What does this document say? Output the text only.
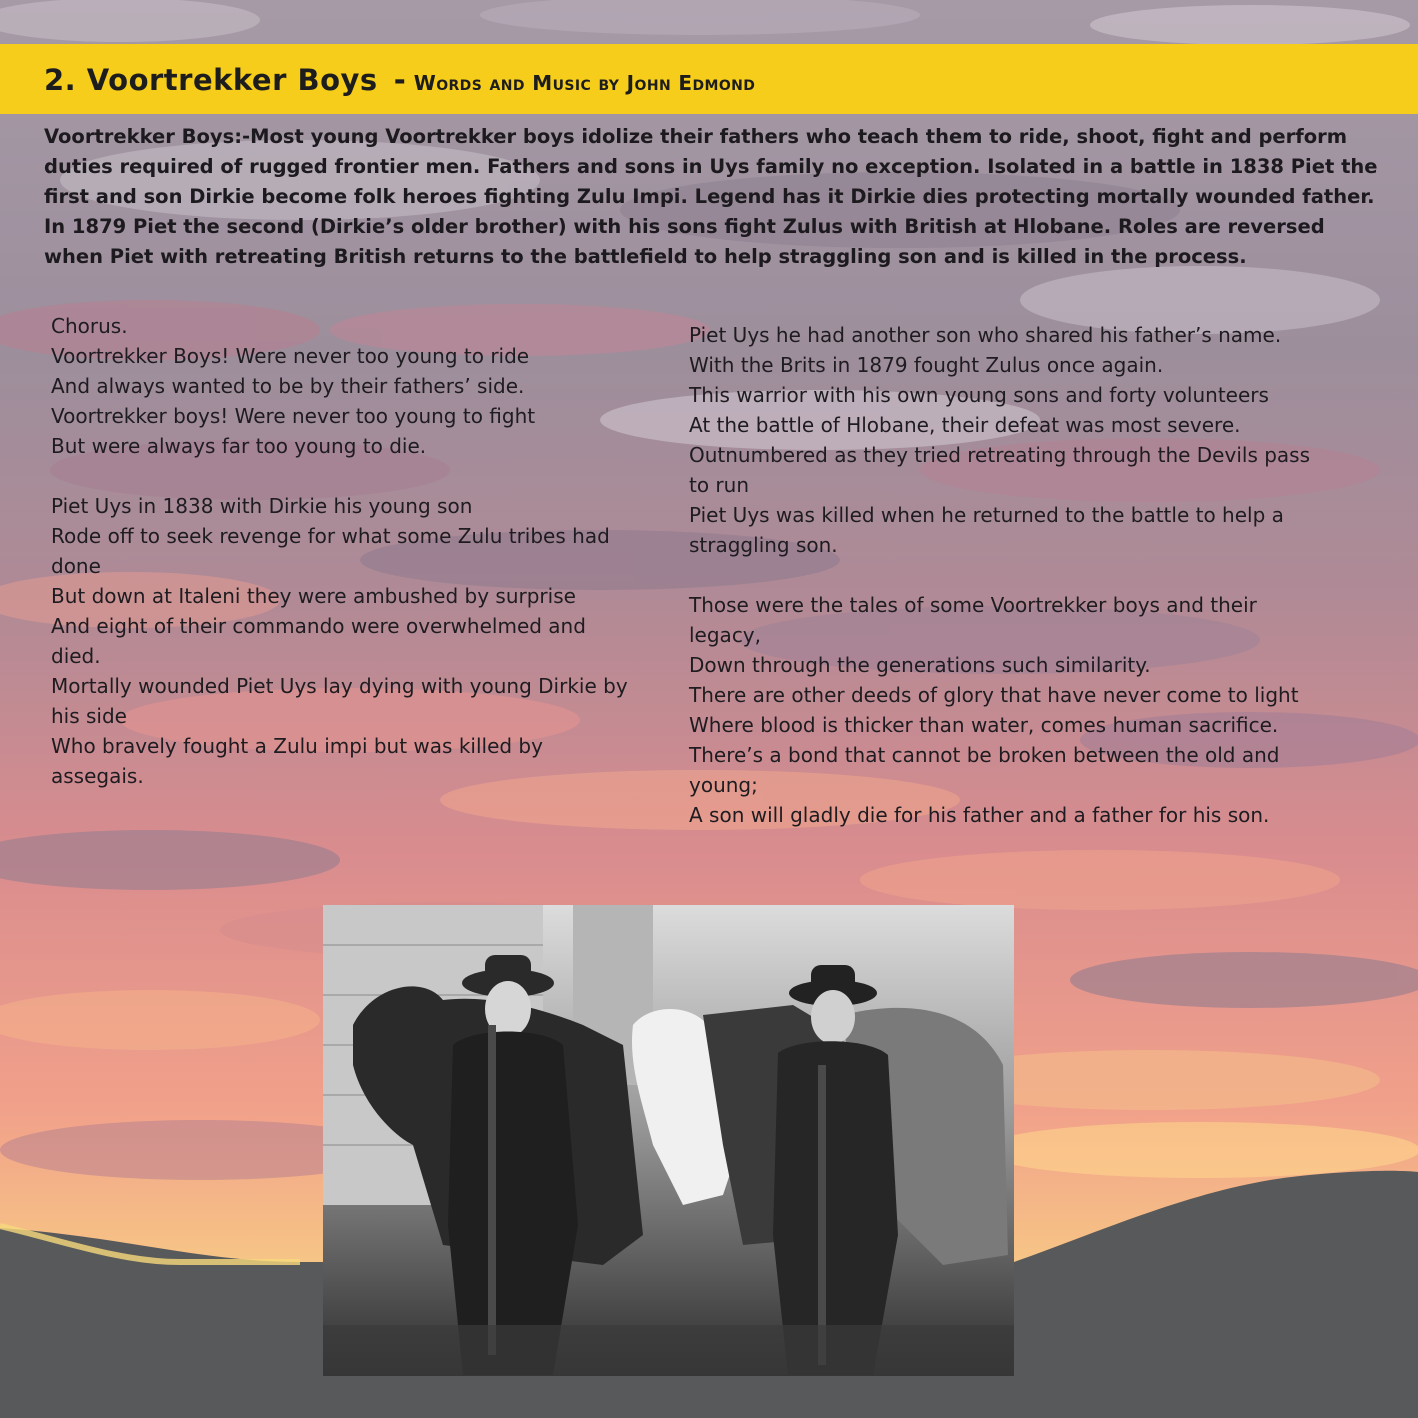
2. Voortrekker Boys - Words and Music by John Edmond

Voortrekker Boys:-Most young Voortrekker boys idolize their fathers who teach them to ride, shoot, fight and perform duties required of rugged frontier men. Fathers and sons in Uys family no exception. Isolated in a battle in 1838 Piet the first and son Dirkie become folk heroes fighting Zulu Impi. Legend has it Dirkie dies protecting mortally wounded father. In 1879 Piet the second (Dirkie’s older brother) with his sons fight Zulus with British at Hlobane. Roles are reversed when Piet with retreating British returns to the battlefield to help straggling son and is killed in the process.

Chorus.
Voortrekker Boys! Were never too young to ride
And always wanted to be by their fathers’ side.
Voortrekker boys! Were never too young to fight
But were always far too young to die.
Piet Uys in 1838 with Dirkie his young son
Rode off to seek revenge for what some Zulu tribes had done
But down at Italeni they were ambushed by surprise
And eight of their commando were overwhelmed and died.
Mortally wounded Piet Uys lay dying with young Dirkie by his side
Who bravely fought a Zulu impi but was killed by assegais.
Piet Uys he had another son who shared his father’s name.
With the Brits in 1879 fought Zulus once again.
This warrior with his own young sons and forty volunteers
At the battle of Hlobane, their defeat was most severe.
Outnumbered as they tried retreating through the Devils pass to run
Piet Uys was killed when he returned to the battle to help a straggling son.
Those were the tales of some Voortrekker boys and their legacy,
Down through the generations such similarity.
There are other deeds of glory that have never come to light
Where blood is thicker than water, comes human sacrifice.
There’s a bond that cannot be broken between the old and young;
A son will gladly die for his father and a father for his son.
